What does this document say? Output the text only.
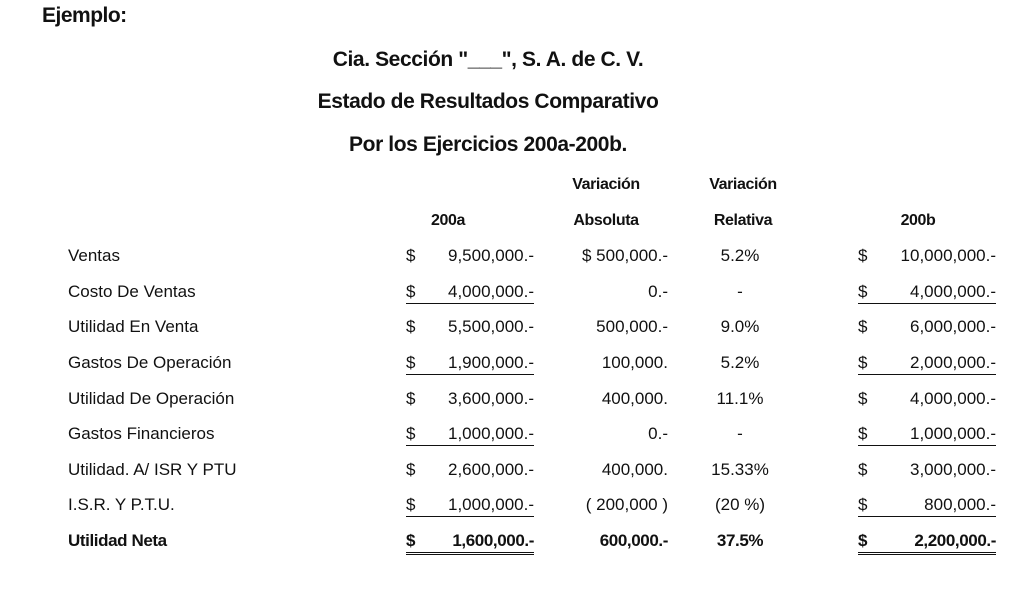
Ejemplo:
Cia. Sección "___", S. A. de C. V.
Estado de Resultados Comparativo
Por los Ejercicios 200a-200b.
Variación	Variación
200a	Absoluta	Relativa	200b
Ventas	$ 9,500,000.-	$ 500,000.-	5.2%	$ 10,000,000.-
Costo De Ventas	$ 4,000,000.-	0.-	-	$	4,000,000.-
Utilidad En Venta	$ 5,500,000.-	500,000.-	9.0%	$	6,000,000.-
Gastos De Operación	$ 1,900,000.-	100,000.	5.2%	$	2,000,000.-
Utilidad De Operación	$ 3,600,000.-	400,000.	11.1%	$	4,000,000.-
Gastos Financieros	$ 1,000,000.-	0.-	-	$	1,000,000.-
Utilidad. A/ ISR Y PTU	$ 2,600,000.-	400,000.	15.33%	$	3,000,000.-
I.S.R. Y P.T.U.	$ 1,000,000.-	( 200,000 )	(20 %)	$	800,000.-
Utilidad Neta	$ 1,600,000.-	600,000.-	37.5%	$	2,200,000.-
